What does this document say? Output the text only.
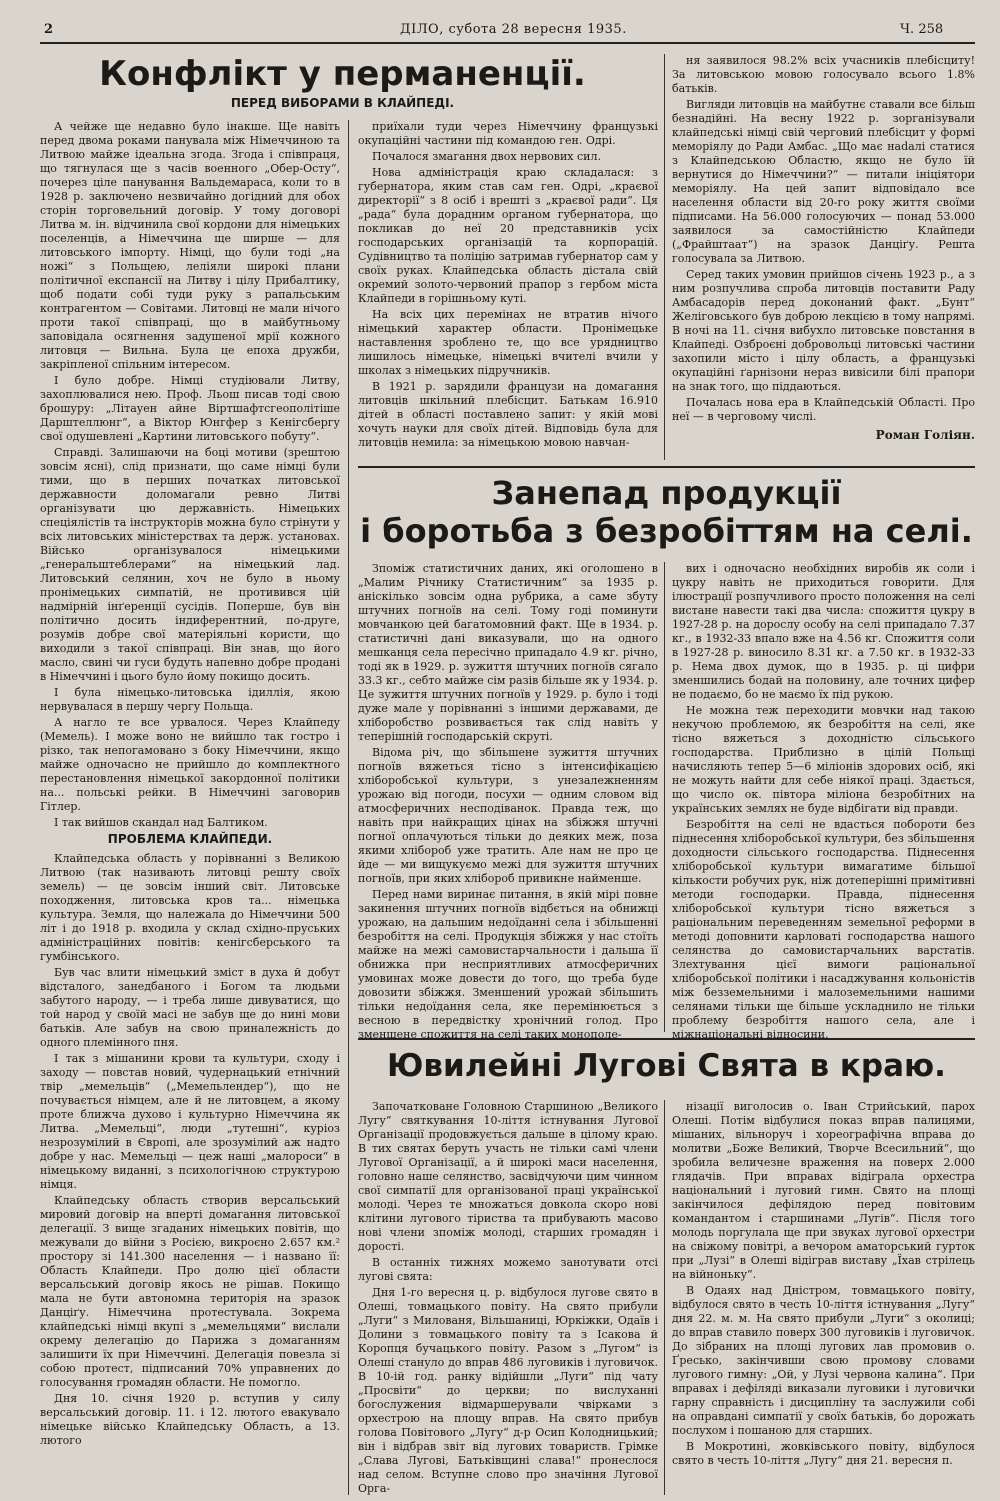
2	ДІЛО, субота 28 вересня 1935.	Ч. 258
Конфлікт у перманенції.
ПЕРЕД ВИБОРАМИ В КЛАЙПЕДІ.

А чейже ще недавно було інакше. Ще навіть перед двома роками панувала між Німеччиною та Литвою майже ідеальна згода. Згода і співпраця, що тягнулася ще з часів военного „Обер-Осту“, почерез ціле панування Вальдемараса, коли то в 1928 р. заключено незвичайно догідний для обох сторін торговельний договір. У тому договорі Литва м. ін. відчинила свої кордони для німецьких поселенців, а Німеччина ще ширше — для литовського імпорту. Німці, що були тоді „на ножі“ з Польщею, леліяли широкі плани політичної експансії на Литву і цілу Прибалтику, щоб подати собі туди руку з рапальським контрагентом — Совітами. Литовці не мали нічого проти такої співпраці, що в майбутньому заповідала осягнення задушеної мрії кожного литовця — Вильна. Була це епоха дружби, закріпленої спільним інтересом.

І було добре. Німці студіювали Литву, захоплювалися нею. Проф. Льош писав тоді свою брошуру: „Літауен айне Віртшафтсгеополітіше Дарштеллюнг“, а Віктор Юнгфер з Кенігсбергу свої одушевлені „Картини литовського побуту“.

Справді. Залишаючи на боці мотиви (зрештою зовсім ясні), слід признати, що саме німці були тими, що в перших початках литовської державности доломагали ревно Литві організувати цю державність. Німецьких спеціялістів та інструкторів можна було стрінути у всіх литовських міністерствах та держ. установах. Військо організувалося німецькими „генеральштеблерами“ на німецький лад. Литовський селянин, хоч не було в ньому пронімецьких симпатій, не противився цій надмірній інґеренції сусідів. Поперше, був він політично досить індиферентний, по-друге, розумів добре свої матеріяльні користи, що виходили з такої співпраці. Він знав, що його масло, свині чи гуси будуть напевно добре продані в Німеччині і цього було йому покищо досить.

І була німецько-литовська ідиллія, якою нервувалася в першу чергу Польща.

А нагло те все урвалося. Через Клайпеду (Мемель). І може воно не вийшло так гостро і різко, так непогамовано з боку Німеччини, якщо майже одночасно не прийшло до комплектного перестановлення німецької закордонної політики на... польські рейки. В Німеччині заговорив Гітлер.

І так вийшов скандал над Балтиком.

ПРОБЛЕМА КЛАЙПЕДИ.

Клайпедська область у порівнанні з Великою Литвою (так називають литовці решту своїх земель) — це зовсім інший світ. Литовське походження, литовська кров та... німецька культура. Земля, що належала до Німеччини 500 літ і до 1918 р. входила у склад східно-пруських адміністраційних повітів: кенігсберського та гумбінського.

Був час влити німецький зміст в духа й добут відсталого, занедбаного і Богом та людьми забутого народу, — і треба лише дивуватися, що той народ у своїй масі не забув ще до нині мови батьків. Але забув на свою приналежність до одного племінного пня.

І так з мішанини крови та культури, сходу і заходу — повстав новий, чудернацький етнічний твір „мемельців“ („Мемельлендер“), що не почувається німцем, але й не литовцем, а якому проте ближча духово і культурно Німеччина як Литва. „Мемельці“, люди „тутешні“, куріоз незрозумілий в Європі, але зрозумілий аж надто добре у нас. Мемельці — цеж наші „малороси“ в німецькому виданні, з психологічною структурою німця.

Клайпедську область створив версальський мировий договір на вперті домагання литовської делегації. З вище згаданих німецьких повітів, що межували до війни з Росією, викроєно 2.657 км.² простору зі 141.300 населення — і названо її: Область Клайпеди. Про долю цієї области версальський договір якось не рішав. Покищо мала не бути автономна територія на зразок Данціґу. Німеччина протестувала. Зокрема клайпедські німці вкупі з „мемельцями“ вислали окрему делегацію до Парижа з домаганням залишити їх при Німеччині. Делегація повезла зі собою протест, підписаний 70% управнених до голосування громадян области. Не помогло.

Дня 10. січня 1920 р. вступив у силу версальський договір. 11. і 12. лютого евакувало німецьке військо Клайпедську Область, а 13. лютого

приїхали туди через Німеччину французькі окупаційні частини під командою ген. Одрі.

Почалося змагання двох нервових сил.

Нова адміністрація краю складалася: з губернатора, яким став сам ген. Одрі, „краєвої директорії“ з 8 осіб і врешті з „краєвої ради“. Ця „рада“ була дорадним органом губернатора, що покликав до неї 20 представників усіх господарських організацій та корпорацій. Судівництво та поліцію затримав губернатор сам у своїх руках. Клайпедська область дістала свій окремий золото-червоний прапор з гербом міста Клайпеди в горішньому куті.

На всіх цих перемінах не втратив нічого німецький характер области. Пронімецьке наставлення зроблено те, що все урядництво лишилось німецьке, німецькі вчителі вчили у школах з німецьких підручників.

В 1921 р. зарядили французи на домагання литовців шкільний плебісцит. Батькам 16.910 дітей в області поставлено запит: у якій мові хочуть науки для своїх дітей. Відповідь була для литовців немила: за німецькою мовою навчан-

ня заявилося 98.2% всіх учасників плебісциту! За литовською мовою голосувало всього 1.8% батьків.

Вигляди литовців на майбутнє ставали все більш безнадійні. На весну 1922 р. зорганізували клайпедські німці свій черговий плебісцит у формі меморіялу до Ради Амбас. „Що має наdалі статися з Клайпедською Областю, якщо не було їй вернутися до Німеччини?“ — питали ініціятори меморіялу. На цей запит відповідало все населення области від 20-го року життя своїми підписами. На 56.000 голосуючих — понад 53.000 заявилося за самостійністю Клайпеди („Фрайштаат“) на зразок Данціґу. Решта голосувала за Литвою.

Серед таких умовин прийшов січень 1923 р., а з ним розпучлива спроба литовців поставити Раду Амбасадорів перед доконаний факт. „Бунт“ Желіговського був доброю лекцією в тому напрямі. В ночі на 11. січня вибухло литовське повстання в Клайпеді. Озброєні добровольці литовські частини захопили місто і цілу область, а французькі окупаційні ґарнізони нераз вивісили білі прапори на знак того, що піддаються.

Почалась нова ера в Клайпедській Області. Про неї — в черговому числі.

Роман Голіян.
Занепад продукції
і боротьба з безробіттям на селі.

Зпоміж статистичних даних, які оголошено в „Малим Річнику Статистичним“ за 1935 р. аніскілько зовсім одна рубрика, а саме збуту штучних погноїв на селі. Тому годі поминути мовчанкою цей багатомовний факт. Ще в 1934. р. статистичні дані виказували, що на одного мешканця села пересічно припадало 4.9 кг. річно, тоді як в 1929. р. зужиття штучних погноїв сягало 33.3 кг., себто майже сім разів більше як у 1934. р. Це зужиття штучних погноїв у 1929. р. було і тоді дуже мале у порівнанні з іншими державами, де хліборобство розвивається так слід навіть у теперішній господарській скруті.

Відома річ, що збільшене зужиття штучних погноїв вяжеться тісно з інтенсифікацією хліборобської культури, з унезалежненням урожаю від погоди, посухи — одним словом від атмосферичних несподіванок. Правда теж, що навіть при найкращих цінах на збіжжя штучні погної оплачуються тільки до деяких меж, поза якими хлібороб уже тратить. Але нам не про це йде — ми вищукуємо межі для зужиття штучних погноїв, при яких хлібороб привикне найменше.

Перед нами виринає питання, в якій мірі повне закинення штучних погноїв відбється на обнижці урожаю, на дальшим недоїданні села і збільшенні безробіття на селі. Продукція збіжжя у нас стоїть майже на межі самовистарчальности і дальша її обнижка при несприятливих атмосферичних умовинах може довести до того, що треба буде довозити збіжжя. Зменшений урожай збільшить тільки недоїдання села, яке перемінюється з весною в передвістку хронічний голод. Про зменшене спожиття на селі таких монополе-

вих і одночасно необхідних виробів як соли і цукру навіть не приходиться говорити. Для ілюстрації розпучливого просто положення на селі вистане навести такі два числа: спожиття цукру в 1927-28 р. на дорослу особу на селі припадало 7.37 кг., в 1932-33 впало вже на 4.56 кг. Спожиття соли в 1927-28 р. виносило 8.31 кг. а 7.50 кг. в 1932-33 р. Нема двох думок, що в 1935. р. ці цифри зменшились бодай на половину, але точних цифер не подаємо, бо не маємо їх під рукою.

Не можна теж переходити мовчки над такою некучою проблемою, як безробіття на селі, яке тісно вяжеться з доходністю сільського господарства. Приблизно в цілій Польщі начисляють тепер 5—6 міліонів здорових осіб, які не можуть найти для себе ніякої праці. Здається, що число ок. півтора міліона безробітних на українських землях не буде відбігати від правди.

Безробіття на селі не вдасться побороти без піднесення хліборобської культури, без збільшення доходности сільського господарства. Піднесення хліборобської культури вимагатиме більшої кількости робучих рук, ніж дотеперішні примітивні методи господарки. Правда, піднесення хліборобської культури тісно вяжеться з раціональним переведенням земельної реформи в методі доповнити карловаті господарства нашого селянства до самовистарчальних варстатів. Злехтування цієї вимоги раціональної хліборобської політики і насаджування кольоністів між безземельними і малоземельними нашими селянами тільки ще більше ускладнило не тільки проблему безробіття нашого села, але і міжнаціональні відносини.

Ювилейні Лугові Свята в краю.

Започатковане Головною Старшиною „Великого Лугу“ святкування 10-ліття істнування Лугової Організації продовжується дальше в цілому краю. В тих святах беруть участь не тільки самі члени Лугової Організації, а й широкі маси населення, головно наше селянство, засвідчуючи цим чинном свої симпатії для організованої праці української молоді. Через те множаться довкола скоро нові клітини лугового тіриства та прибувають масово нові члени зпоміж молоді, старших громадян і дорості.

В останніх тижнях можемо занотувати отсі лугові свята:

Дня 1-го вересня ц. р. відбулося лугове свято в Олеші, товмацького повіту. На свято прибули „Луги“ з Милованя, Вільшаниці, Юркіжки, Одаїв і Долини з товмацького повіту та з Ісакова й Коропця бучацького повіту. Разом з „Лугом“ із Олеші стануло до вправ 486 луговиків і луговичок. В 10-ій год. ранку відійшли „Луги“ під чату „Просвіти“ до церкви; по вислуханні богослужения відмаршерували чвірками з орхестрою на площу вправ. На свято прибув голова Повітового „Лугу“ д-р Осип Колодницький; він і відбрав звіт від лугових товариств. Грімке „Слава Луговi, Батьківщині слава!“ пронеслося над селом. Вступне слово про значіння Лугової Орга-

нізації виголосив о. Іван Стрийський, парох Олеші. Потім відбулися показ вправ палицями, мішаних, вільноруч і хореографічна вправа до молитви „Боже Великий, Творче Всесильний“, що зробила величезне враження на поверх 2.000 глядачів. При вправах відіграла орхестра національний і луговий гимн. Свято на площі закінчилося дефілядою перед повітовим командантом і старшинами „Лугів“. Після того молодь поргулала ще при звуках лугової орхестри на свіжому повітрі, а вечором аматорський гурток при „Лузі“ в Олеші відіграв виставу „Їхав стрілець на війноньку“.

В Одаях над Дністром, товмацького повіту, відбулося свято в честь 10-ліття істнування „Лугу“ дня 22. м. м. На свято прибули „Луги“ з околиці; до вправ ставило поверх 300 луговиків і луговичок. До зібраних на площі лугових лав промовив о. Ґресько, закінчивши свою промову словами лугового гимну: „Ой, у Лузі червона калина“. При вправах і дефіляді виказали луговики і луговички гарну справність і дисципліну та заслужили собі на оправдані симпатії у своїх батьків, бо дорожать послухом і пошаною для старших.

В Мокротині, жовківського повіту, відбулося свято в честь 10-ліття „Лугу“ дня 21. вересня п.
